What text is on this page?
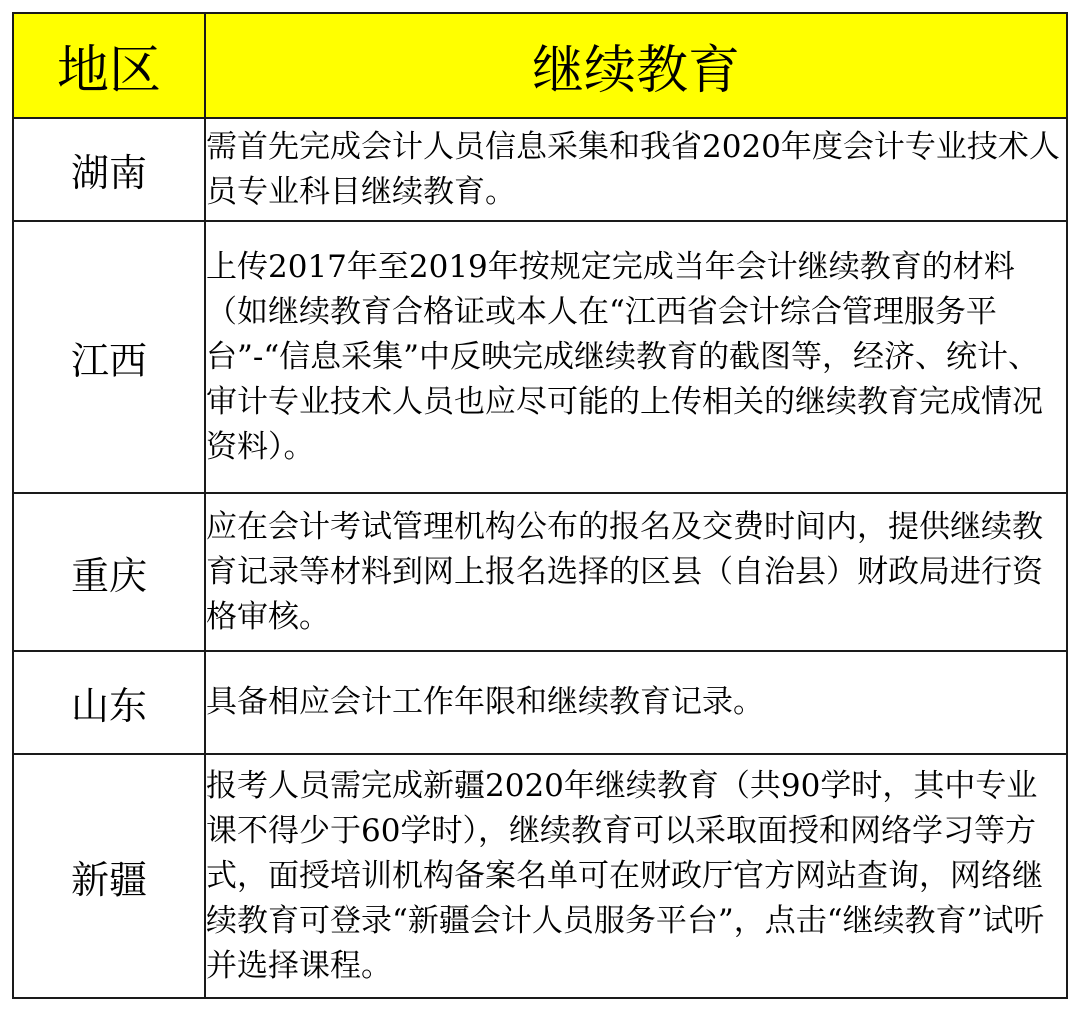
地区	继续教育
湖南	需首先完成会计人员信息采集和我省2020年度会计专业技术人员专业科目继续教育。
江西	上传2017年至2019年按规定完成当年会计继续教育的材料（如继续教育合格证或本人在“江西省会计综合管理服务平台”-“信息采集”中反映完成继续教育的截图等，经济、统计、审计专业技术人员也应尽可能的上传相关的继续教育完成情况资料）。
重庆	应在会计考试管理机构公布的报名及交费时间内，提供继续教育记录等材料到网上报名选择的区县（自治县）财政局进行资格审核。
山东	具备相应会计工作年限和继续教育记录。
新疆	报考人员需完成新疆2020年继续教育（共90学时，其中专业课不得少于60学时），继续教育可以采取面授和网络学习等方式，面授培训机构备案名单可在财政厅官方网站查询，网络继续教育可登录“新疆会计人员服务平台”，点击“继续教育”试听并选择课程。
